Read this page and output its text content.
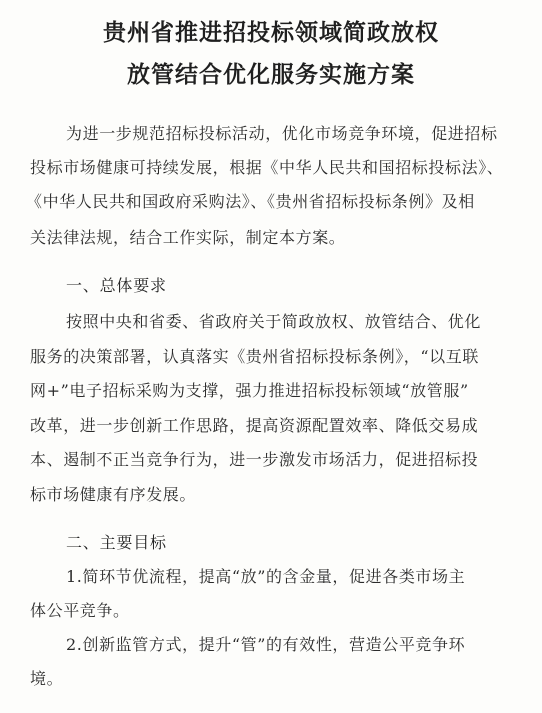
贵州省推进招投标领域简政放权
放管结合优化服务实施方案
为进一步规范招标投标活动，优化市场竞争环境，促进招标
投标市场健康可持续发展，根据《中华人民共和国招标投标法》、
《中华人民共和国政府采购法》、《贵州省招标投标条例》及相
关法律法规，结合工作实际，制定本方案。
一、总体要求
按照中央和省委、省政府关于简政放权、放管结合、优化
服务的决策部署，认真落实《贵州省招标投标条例》，“以互联
网+”电子招标采购为支撑，强力推进招标投标领域“放管服”
改革，进一步创新工作思路，提高资源配置效率、降低交易成
本、遏制不正当竞争行为，进一步激发市场活力，促进招标投
标市场健康有序发展。
二、主要目标
1.简环节优流程，提高“放”的含金量，促进各类市场主
体公平竞争。
2.创新监管方式，提升“管”的有效性，营造公平竞争环
境。
